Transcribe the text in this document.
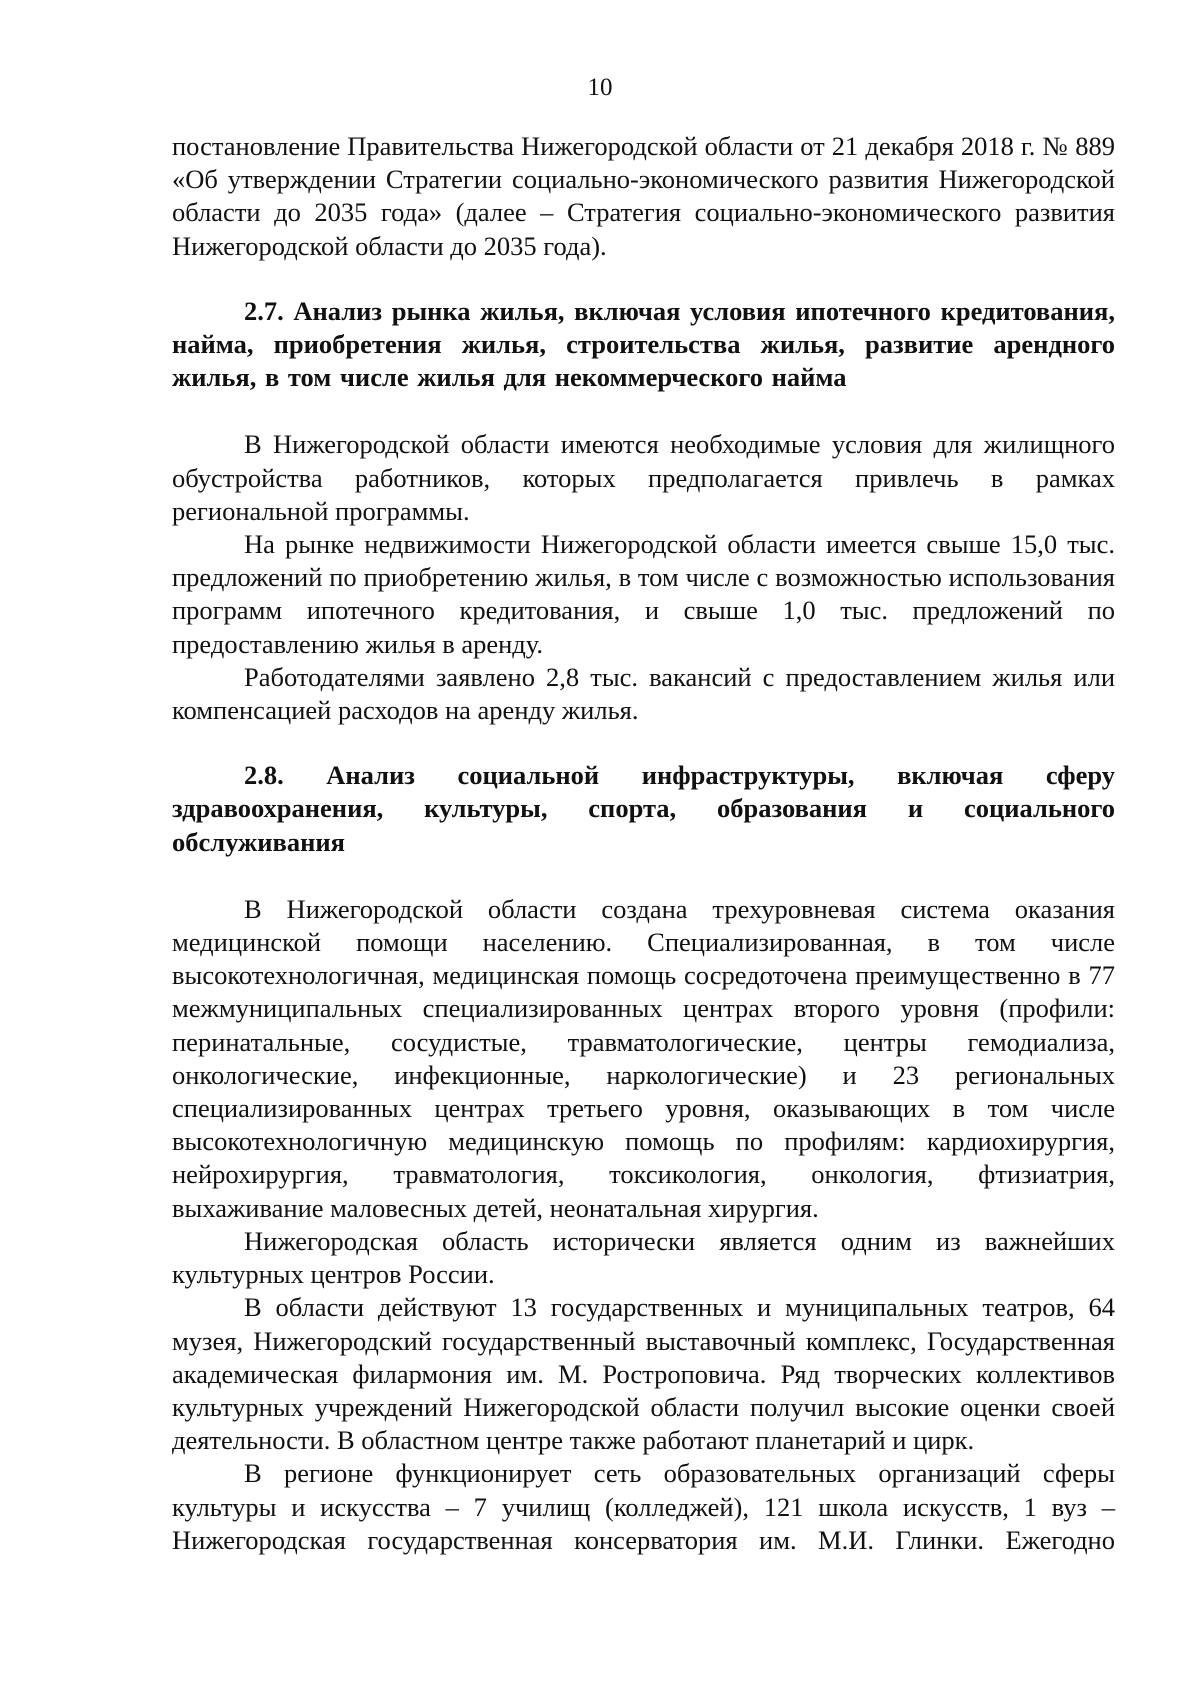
10

постановление Правительства Нижегородской области от 21 декабря 2018 г. № 889 «Об утверждении Стратегии социально-экономического развития Нижегородской области до 2035 года» (далее – Стратегия социально-экономического развития Нижегородской области до 2035 года).

2.7. Анализ рынка жилья, включая условия ипотечного кредитования, найма, приобретения жилья, строительства жилья, развитие арендного жилья, в том числе жилья для некоммерческого найма

В Нижегородской области имеются необходимые условия для жилищного обустройства работников, которых предполагается привлечь в рамках региональной программы.

На рынке недвижимости Нижегородской области имеется свыше 15,0 тыс. предложений по приобретению жилья, в том числе с возможностью использования программ ипотечного кредитования, и свыше 1,0 тыс. предложений по предоставлению жилья в аренду.

Работодателями заявлено 2,8 тыс. вакансий с предоставлением жилья или компенсацией расходов на аренду жилья.

2.8. Анализ социальной инфраструктуры, включая сферу здравоохранения, культуры, спорта, образования и социального обслуживания

В Нижегородской области создана трехуровневая система оказания медицинской помощи населению. Специализированная, в том числе высокотехнологичная, медицинская помощь сосредоточена преимущественно в 77 межмуниципальных специализированных центрах второго уровня (профили: перинатальные, сосудистые, травматологические, центры гемодиализа, онкологические, инфекционные, наркологические) и 23 региональных специализированных центрах третьего уровня, оказывающих в том числе высокотехнологичную медицинскую помощь по профилям: кардиохирургия, нейрохирургия, травматология, токсикология, онкология, фтизиатрия, выхаживание маловесных детей, неонатальная хирургия.

Нижегородская область исторически является одним из важнейших культурных центров России.

В области действуют 13 государственных и муниципальных театров, 64 музея, Нижегородский государственный выставочный комплекс, Государственная академическая филармония им. М. Ростроповича. Ряд творческих коллективов культурных учреждений Нижегородской области получил высокие оценки своей деятельности. В областном центре также работают планетарий и цирк.

В регионе функционирует сеть образовательных организаций сферы культуры и искусства – 7 училищ (колледжей), 121 школа искусств, 1 вуз – Нижегородская государственная консерватория им. М.И. Глинки. Ежегодно
